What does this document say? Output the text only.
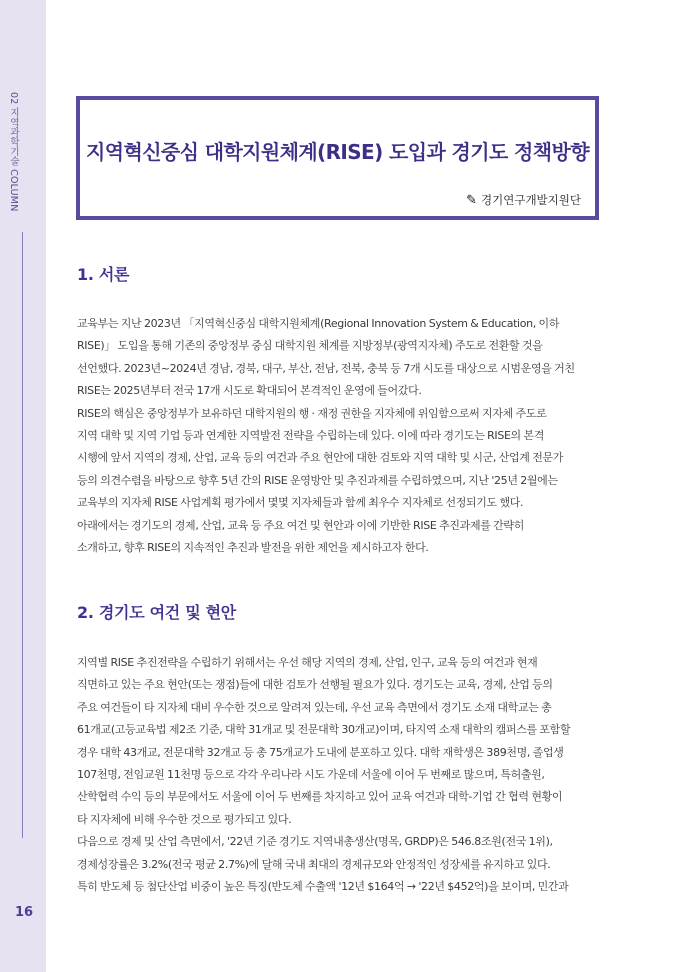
02 지역과학기술 COLUMN
16
지역혁신중심 대학지원체계(RISE) 도입과 경기도 정책방향
✎ 경기연구개발지원단
1. 서론
교육부는 지난 2023년 「지역혁신중심 대학지원체계(Regional Innovation System & Education, 이하
RISE)」 도입을 통해 기존의 중앙정부 중심 대학지원 체계를 지방정부(광역지자체) 주도로 전환할 것을
선언했다. 2023년~2024년 경남, 경북, 대구, 부산, 전남, 전북, 충북 등 7개 시도를 대상으로 시범운영을 거친
RISE는 2025년부터 전국 17개 시도로 확대되어 본격적인 운영에 들어갔다.
RISE의 핵심은 중앙정부가 보유하던 대학지원의 행 · 재정 권한을 지자체에 위임함으로써 지자체 주도로
지역 대학 및 지역 기업 등과 연계한 지역발전 전략을 수립하는데 있다. 이에 따라 경기도는 RISE의 본격
시행에 앞서 지역의 경제, 산업, 교육 등의 여건과 주요 현안에 대한 검토와 지역 대학 및 시군, 산업계 전문가
등의 의견수렴을 바탕으로 향후 5년 간의 RISE 운영방안 및 추진과제를 수립하였으며, 지난 '25년 2월에는
교육부의 지자체 RISE 사업계획 평가에서 몇몇 지자체들과 함께 최우수 지자체로 선정되기도 했다.
아래에서는 경기도의 경제, 산업, 교육 등 주요 여건 및 현안과 이에 기반한 RISE 추진과제를 간략히
소개하고, 향후 RISE의 지속적인 추진과 발전을 위한 제언을 제시하고자 한다.
2. 경기도 여건 및 현안
지역별 RISE 추진전략을 수립하기 위해서는 우선 해당 지역의 경제, 산업, 인구, 교육 등의 여건과 현재
직면하고 있는 주요 현안(또는 쟁점)들에 대한 검토가 선행될 필요가 있다. 경기도는 교육, 경제, 산업 등의
주요 여건들이 타 지자체 대비 우수한 것으로 알려져 있는데, 우선 교육 측면에서 경기도 소재 대학교는 총
61개교(고등교육법 제2조 기준, 대학 31개교 및 전문대학 30개교)이며, 타지역 소재 대학의 캠퍼스를 포함할
경우 대학 43개교, 전문대학 32개교 등 총 75개교가 도내에 분포하고 있다. 대학 재학생은 389천명, 졸업생
107천명, 전임교원 11천명 등으로 각각 우리나라 시도 가운데 서울에 이어 두 번째로 많으며, 특허출원,
산학협력 수익 등의 부문에서도 서울에 이어 두 번째를 차지하고 있어 교육 여건과 대학-기업 간 협력 현황이
타 지자체에 비해 우수한 것으로 평가되고 있다.
다음으로 경제 및 산업 측면에서, '22년 기준 경기도 지역내총생산(명목, GRDP)은 546.8조원(전국 1위),
경제성장률은 3.2%(전국 평균 2.7%)에 달해 국내 최대의 경제규모와 안정적인 성장세를 유지하고 있다.
특히 반도체 등 첨단산업 비중이 높은 특징(반도체 수출액 '12년 $164억 → '22년 $452억)을 보이며, 민간과
